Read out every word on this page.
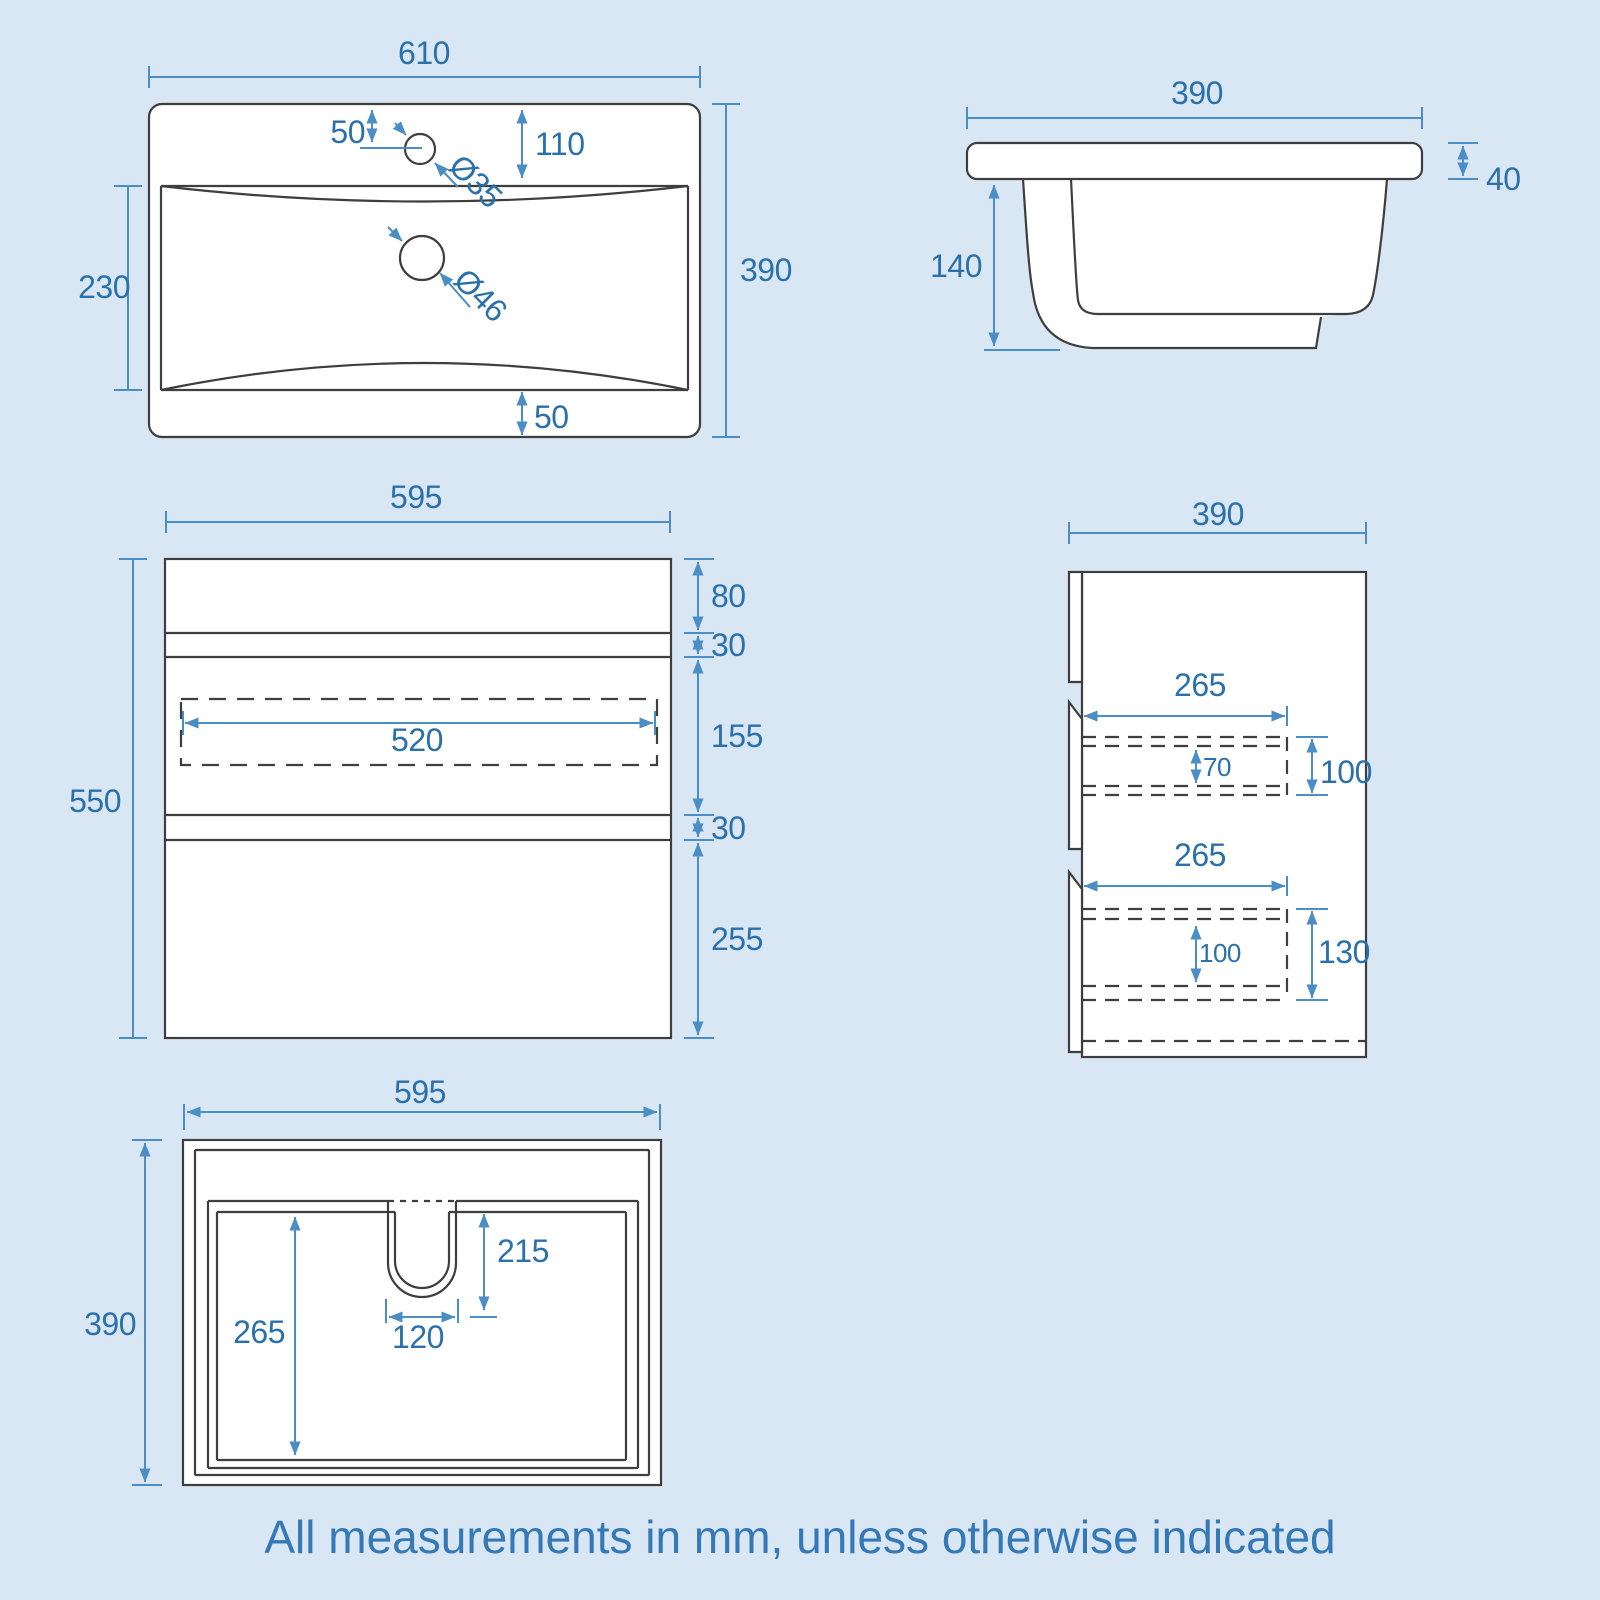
610
390
230
50	110
Ø35
Ø46
50
390
40
140
520
595
550
80
30
155
30
255
390
265
100
70
265
130
100
595
390	265
215
120
All measurements in mm, unless otherwise indicated
